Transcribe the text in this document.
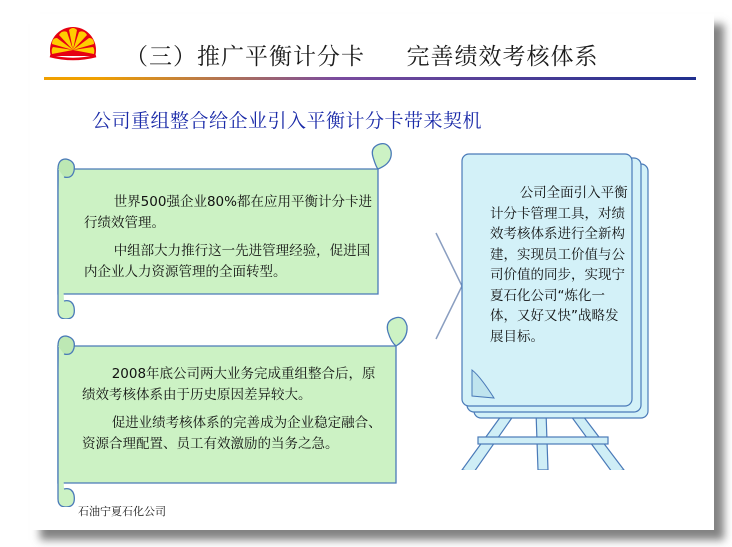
（三）推广平衡计分卡     完善绩效考核体系
公司重组整合给企业引入平衡计分卡带来契机

世界500强企业80%都在应用平衡计分卡进行绩效管理。

中组部大力推行这一先进管理经验，促进国内企业人力资源管理的全面转型。

2008年底公司两大业务完成重组整合后，原绩效考核体系由于历史原因差异较大。

促进业绩考核体系的完善成为企业稳定融合、资源合理配置、员工有效激励的当务之急。

公司全面引入平衡计分卡管理工具，对绩效考核体系进行全新构建，实现员工价值与公司价值的同步，实现宁夏石化公司“炼化一体，又好又快”战略发展目标。

石油宁夏石化公司
